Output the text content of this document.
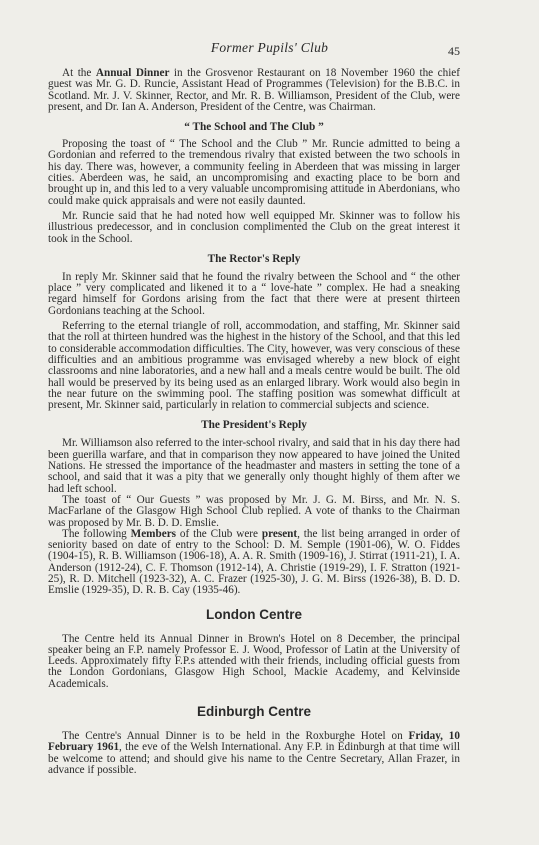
Former Pupils' Club	45

At the Annual Dinner in the Grosvenor Restaurant on 18 November 1960 the chief guest was Mr. G. D. Runcie, Assistant Head of Programmes (Television) for the B.B.C. in Scotland. Mr. J. V. Skinner, Rector, and Mr. R. B. Williamson, President of the Club, were present, and Dr. Ian A. Anderson, President of the Centre, was Chairman.

“ The School and The Club ”

Proposing the toast of “ The School and the Club ” Mr. Runcie admitted to being a Gordonian and referred to the tremendous rivalry that existed between the two schools in his day. There was, however, a community feeling in Aberdeen that was missing in larger cities. Aberdeen was, he said, an uncompromising and exacting place to be born and brought up in, and this led to a very valuable uncompromising attitude in Aberdonians, who could make quick appraisals and were not easily daunted.

Mr. Runcie said that he had noted how well equipped Mr. Skinner was to follow his illustrious predecessor, and in conclusion complimented the Club on the great interest it took in the School.

The Rector's Reply

In reply Mr. Skinner said that he found the rivalry between the School and “ the other place ” very complicated and likened it to a “ love-hate ” complex. He had a sneaking regard himself for Gordons arising from the fact that there were at present thirteen Gordonians teaching at the School.

Referring to the eternal triangle of roll, accommodation, and staffing, Mr. Skinner said that the roll at thirteen hundred was the highest in the history of the School, and that this led to considerable accommodation difficulties. The City, however, was very conscious of these difficulties and an ambitious programme was envisaged whereby a new block of eight classrooms and nine laboratories, and a new hall and a meals centre would be built. The old hall would be preserved by its being used as an enlarged library. Work would also begin in the near future on the swimming pool. The staffing position was somewhat difficult at present, Mr. Skinner said, particularly in relation to commercial subjects and science.

The President's Reply

Mr. Williamson also referred to the inter-school rivalry, and said that in his day there had been guerilla warfare, and that in comparison they now appeared to have joined the United Nations. He stressed the importance of the headmaster and masters in setting the tone of a school, and said that it was a pity that we generally only thought highly of them after we had left school.

The toast of “ Our Guests ” was proposed by Mr. J. G. M. Birss, and Mr. N. S. MacFarlane of the Glasgow High School Club replied. A vote of thanks to the Chairman was proposed by Mr. B. D. D. Emslie.

The following Members of the Club were present, the list being arranged in order of seniority based on date of entry to the School: D. M. Semple (1901-06), W. O. Fiddes (1904-15), R. B. Williamson (1906-18), A. A. R. Smith (1909-16), J. Stirrat (1911-21), I. A. Anderson (1912-24), C. F. Thomson (1912-14), A. Christie (1919-29), I. F. Stratton (1921-25), R. D. Mitchell (1923-32), A. C. Frazer (1925-30), J. G. M. Birss (1926-38), B. D. D. Emslie (1929-35), D. R. B. Cay (1935-46).

London Centre

The Centre held its Annual Dinner in Brown's Hotel on 8 December, the principal speaker being an F.P. namely Professor E. J. Wood, Professor of Latin at the University of Leeds. Approximately fifty F.P.s attended with their friends, including official guests from the London Gordonians, Glasgow High School, Mackie Academy, and Kelvinside Academicals.

Edinburgh Centre

The Centre's Annual Dinner is to be held in the Roxburghe Hotel on Friday, 10 February 1961, the eve of the Welsh International. Any F.P. in Edinburgh at that time will be welcome to attend; and should give his name to the Centre Secretary, Allan Frazer, in advance if possible.
